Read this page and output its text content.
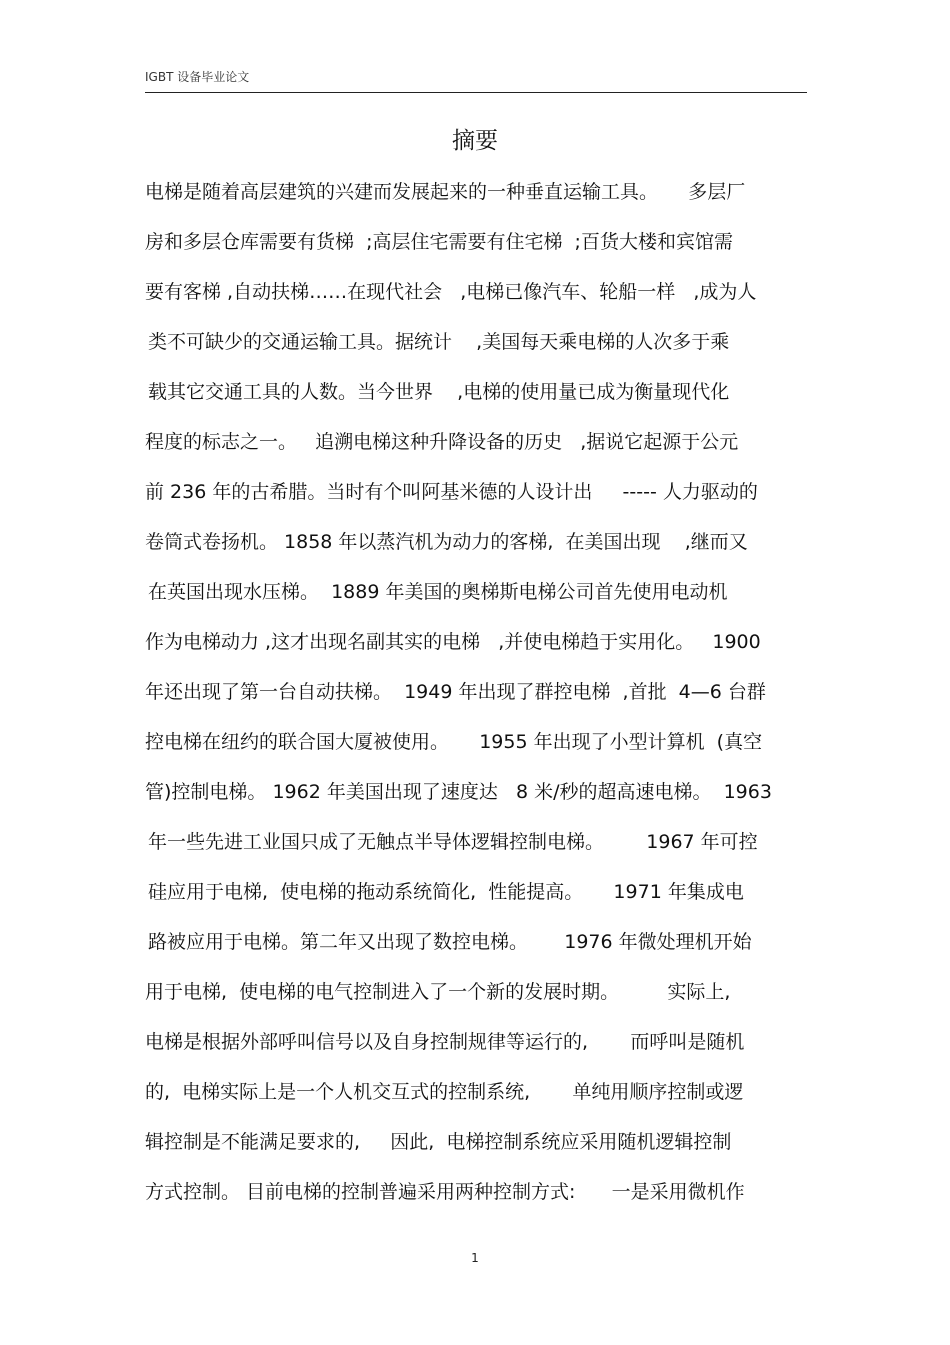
IGBT 设备毕业论文
摘要
电梯是随着高层建筑的兴建而发展起来的一种垂直运输工具。     多层厂
房和多层仓库需要有货梯  ;高层住宅需要有住宅梯  ;百货大楼和宾馆需
要有客梯 ,自动扶梯……在现代社会   ,电梯已像汽车、轮船一样   ,成为人
类不可缺少的交通运输工具。据统计    ,美国每天乘电梯的人次多于乘
载其它交通工具的人数。当今世界    ,电梯的使用量已成为衡量现代化
程度的标志之一。   追溯电梯这种升降设备的历史   ,据说它起源于公元
前 236 年的古希腊。当时有个叫阿基米德的人设计出     ----- 人力驱动的
卷筒式卷扬机。 1858 年以蒸汽机为动力的客梯,  在美国出现    ,继而又
在英国出现水压梯。  1889 年美国的奥梯斯电梯公司首先使用电动机
作为电梯动力 ,这才出现名副其实的电梯   ,并使电梯趋于实用化。   1900
年还出现了第一台自动扶梯。  1949 年出现了群控电梯  ,首批  4—6 台群
控电梯在纽约的联合国大厦被使用。     1955 年出现了小型计算机  (真空
管)控制电梯。 1962 年美国出现了速度达   8 米/秒的超高速电梯。  1963
年一些先进工业国只成了无触点半导体逻辑控制电梯。       1967 年可控
硅应用于电梯,  使电梯的拖动系统简化,  性能提高。     1971 年集成电
路被应用于电梯。第二年又出现了数控电梯。      1976 年微处理机开始
用于电梯,  使电梯的电气控制进入了一个新的发展时期。        实际上,
电梯是根据外部呼叫信号以及自身控制规律等运行的,       而呼叫是随机
的,  电梯实际上是一个人机交互式的控制系统,       单纯用顺序控制或逻
辑控制是不能满足要求的,     因此,  电梯控制系统应采用随机逻辑控制
方式控制。 目前电梯的控制普遍采用两种控制方式:      一是采用微机作
1
